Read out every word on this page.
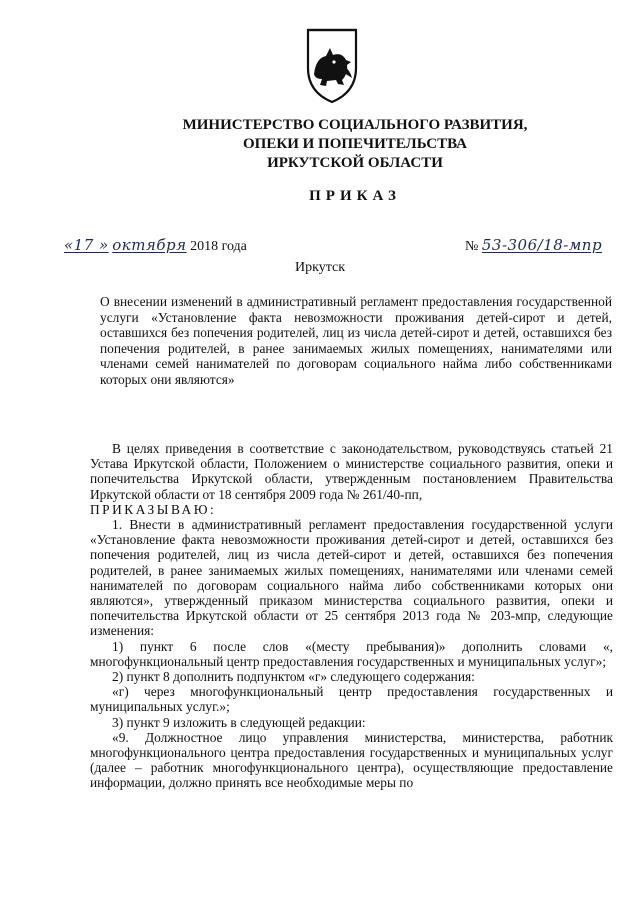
МИНИСТЕРСТВО СОЦИАЛЬНОГО РАЗВИТИЯ,
ОПЕКИ И ПОПЕЧИТЕЛЬСТВА
ИРКУТСКОЙ ОБЛАСТИ
ПРИКАЗ
«17 » октября 2018 года	№ 53-306/18-мпр
Иркутск
О внесении изменений в административный регламент предоставления государственной услуги «Установление факта невозможности проживания детей-сирот и детей, оставшихся без попечения родителей, лиц из числа детей-сирот и детей, оставшихся без попечения родителей, в ранее занимаемых жилых помещениях, нанимателями или членами семей нанимателей по договорам социального найма либо собственниками которых они являются»

В целях приведения в соответствие с законодательством, руководствуясь статьей 21 Устава Иркутской области, Положением о министерстве социального развития, опеки и попечительства Иркутской области, утвержденным постановлением Правительства Иркутской области от 18 сентября 2009 года № 261/40-пп,

ПРИКАЗЫВАЮ:

1. Внести в административный регламент предоставления государственной услуги «Установление факта невозможности проживания детей-сирот и детей, оставшихся без попечения родителей, лиц из числа детей-сирот и детей, оставшихся без попечения родителей, в ранее занимаемых жилых помещениях, нанимателями или членами семей нанимателей по договорам социального найма либо собственниками которых они являются», утвержденный приказом министерства социального развития, опеки и попечительства Иркутской области от 25 сентября 2013 года № 203-мпр, следующие изменения:

1) пункт 6 после слов «(месту пребывания)» дополнить словами «, многофункциональный центр предоставления государственных и муниципальных услуг»;

2) пункт 8 дополнить подпунктом «г» следующего содержания:

«г) через многофункциональный центр предоставления государственных и муниципальных услуг.»;

3) пункт 9 изложить в следующей редакции:

«9. Должностное лицо управления министерства, министерства, работник многофункционального центра предоставления государственных и муниципальных услуг (далее – работник многофункционального центра), осуществляющие предоставление информации, должно принять все необходимые меры по
